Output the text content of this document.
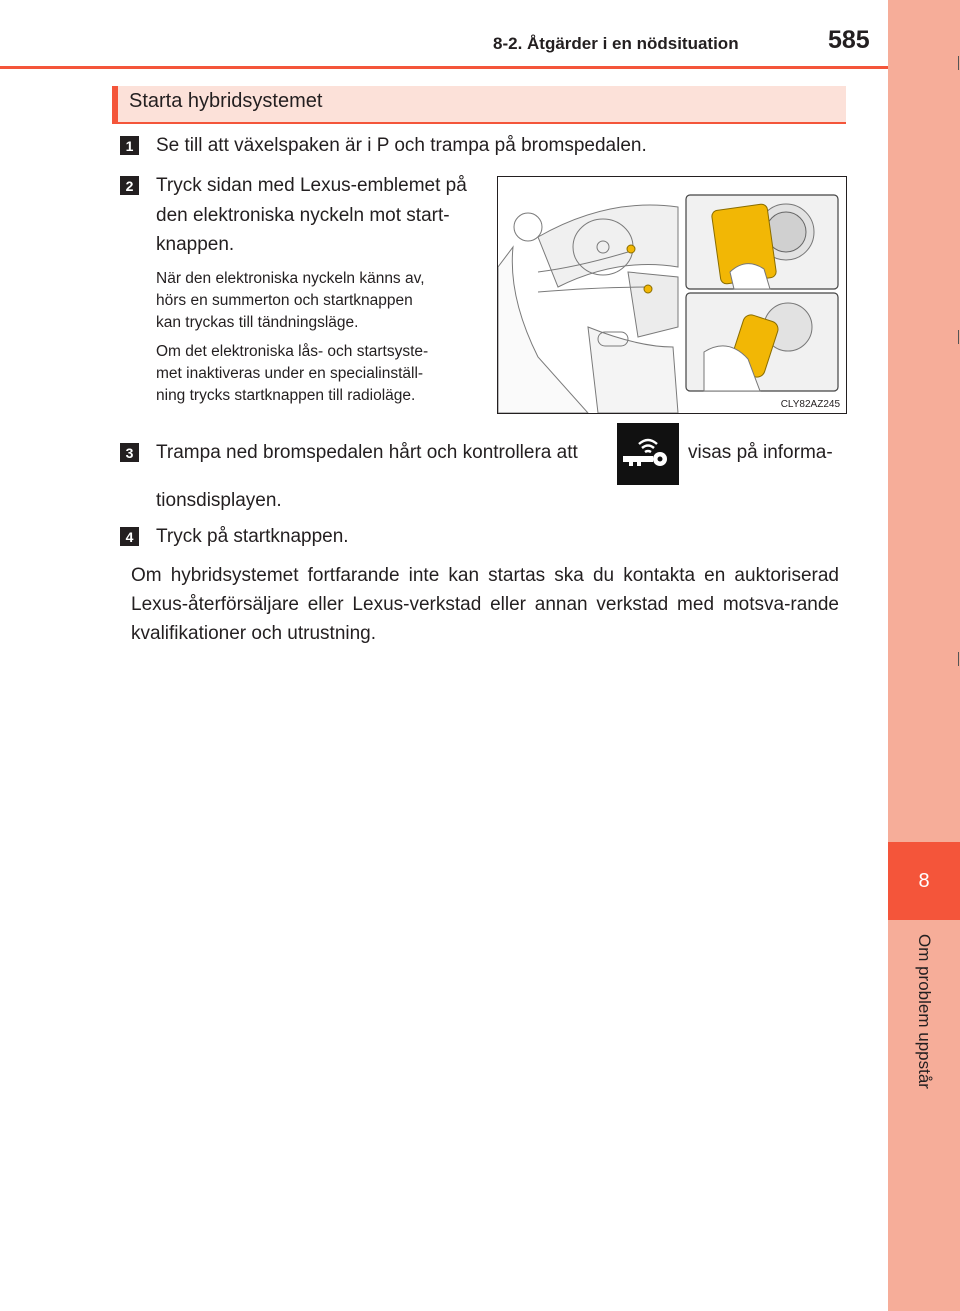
8
Om problem uppstår
8-2. Åtgärder i en nödsituation	585
Starta hybridsystemet
1 Se till att växelspaken är i P och trampa på bromspedalen.
2 Tryck sidan med Lexus-emblemet på
den elektroniska nyckeln mot start-
knappen.
När den elektroniska nyckeln känns av,
hörs en summerton och startknappen
kan tryckas till tändningsläge.
Om det elektroniska lås- och startsyste-
met inaktiveras under en specialinställ-
ning trycks startknappen till radioläge.
CLY82AZ245
3 Trampa ned bromspedalen hårt och kontrollera att	visas på informa-
tionsdisplayen.
4 Tryck på startknappen.
Om hybridsystemet fortfarande inte kan startas ska du kontakta en auktoriserad Lexus-återförsäljare eller Lexus-verkstad eller annan verkstad med motsva-rande kvalifikationer och utrustning.
